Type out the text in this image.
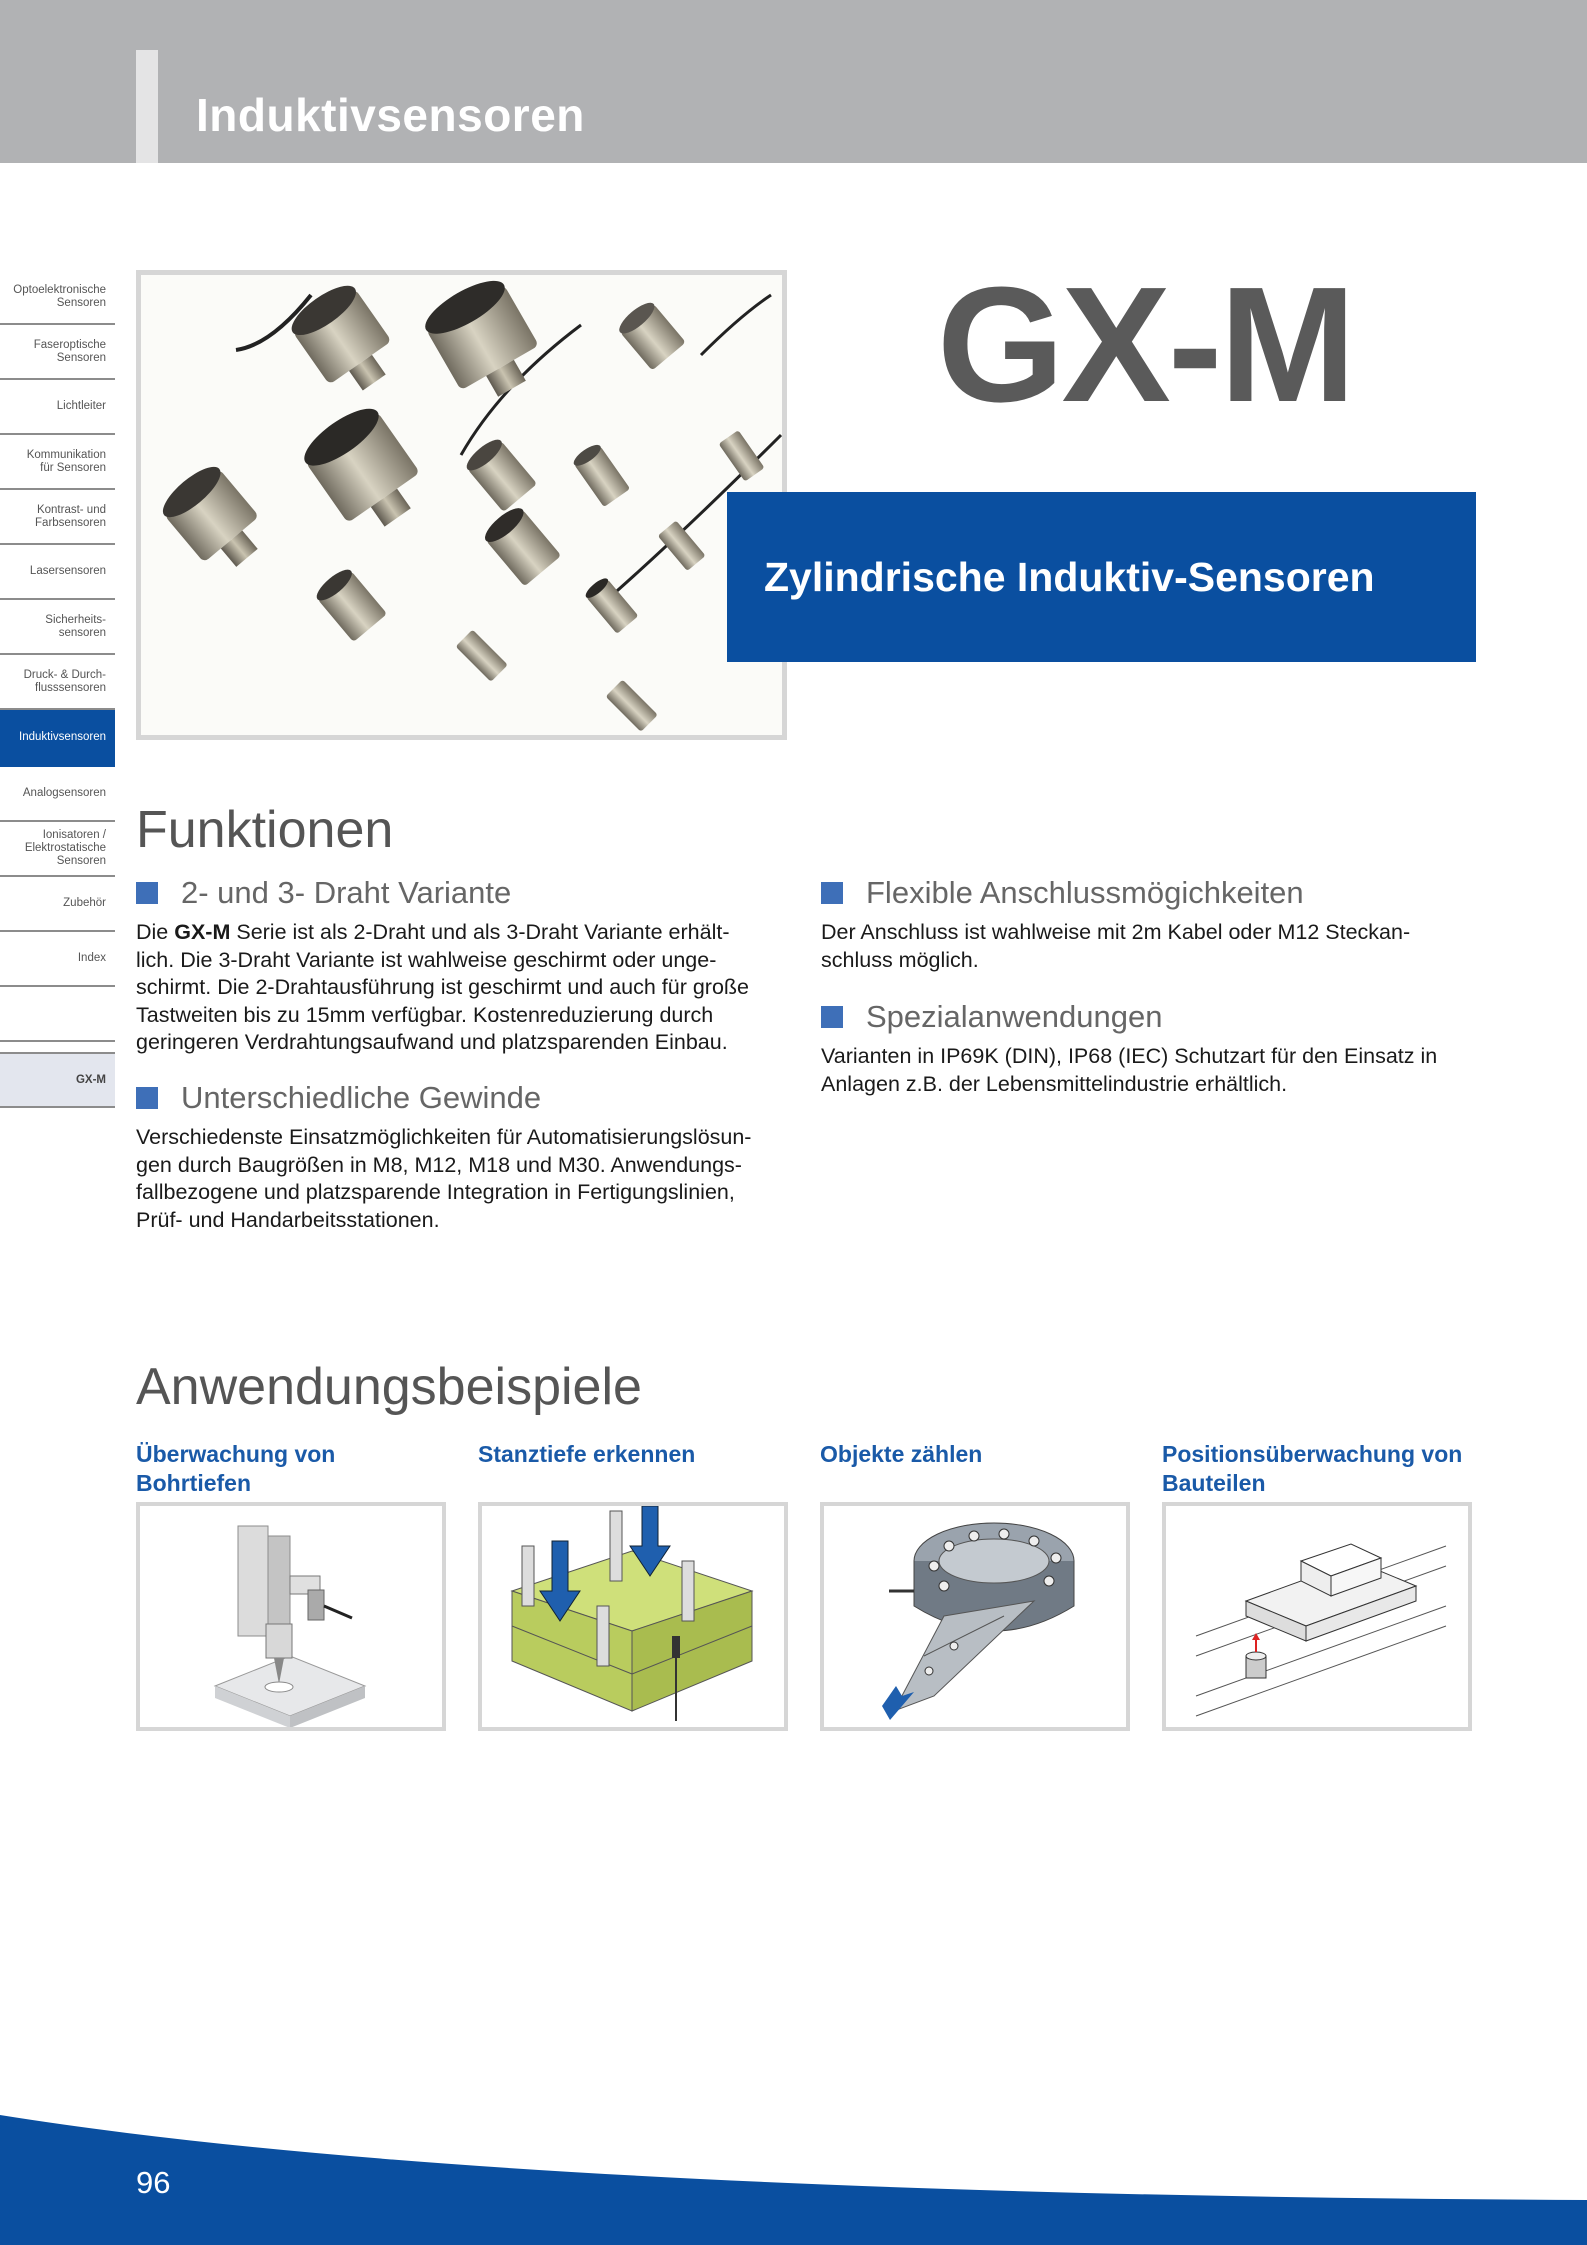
Induktivsensoren
Optoelektronische
Sensoren
Faseroptische
Sensoren
Lichtleiter
Kommunikation
für Sensoren
Kontrast- und
Farbsensoren
Lasersensoren
Sicherheits-
sensoren
Druck- & Durch-
flusssensoren
Induktivsensoren
Analogsensoren
Ionisatoren /
Elektrostatische
Sensoren
Zubehör
Index
GX-M
GX-M
Zylindrische Induktiv-Sensoren
Funktionen
2- und 3- Draht Variante
Die GX-M Serie ist als 2-Draht und als 3-Draht Variante erhält-
lich. Die 3-Draht Variante ist wahlweise geschirmt oder unge-
schirmt. Die 2-Drahtausführung ist geschirmt und auch für große
Tastweiten bis zu 15mm verfügbar. Kostenreduzierung durch
geringeren Verdrahtungsaufwand und platzsparenden Einbau.
Unterschiedliche Gewinde
Verschiedenste Einsatzmöglichkeiten für Automatisierungslösun-
gen durch Baugrößen in M8, M12, M18 und M30. Anwendungs-
fallbezogene und platzsparende Integration in Fertigungslinien,
Prüf- und Handarbeitsstationen.
Flexible Anschlussmögichkeiten
Der Anschluss ist wahlweise mit 2m Kabel oder M12 Steckan-
schluss möglich.
Spezialanwendungen
Varianten in IP69K (DIN), IP68 (IEC) Schutzart für den Einsatz in
Anlagen z.B. der Lebensmittelindustrie erhältlich.
Anwendungsbeispiele
Überwachung von
Bohrtiefen
Stanztiefe erkennen	Objekte zählen	Positionsüberwachung von
Bauteilen
96
